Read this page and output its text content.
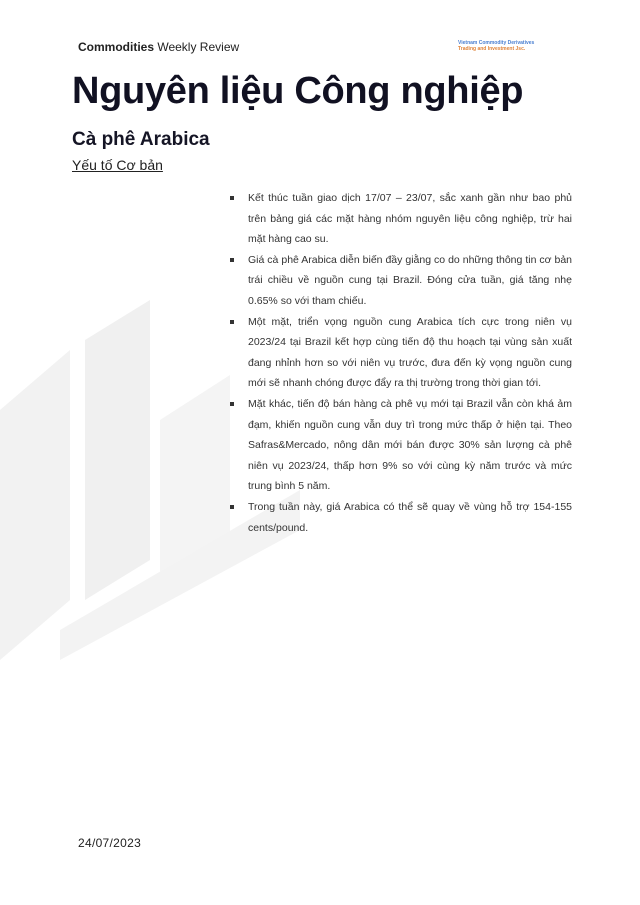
Commodities Weekly Review	Vietnam Commodity Derivatives
Trading and Investment Jsc.
Nguyên liệu Công nghiệp
Cà phê Arabica
Yếu tố Cơ bản
Kết thúc tuần giao dịch 17/07 – 23/07, sắc xanh gần như bao phủ trên bảng giá các mặt hàng nhóm nguyên liệu công nghiệp, trừ hai mặt hàng cao su.
Giá cà phê Arabica diễn biến đầy giằng co do những thông tin cơ bản trái chiều về nguồn cung tại Brazil. Đóng cửa tuần, giá tăng nhẹ 0.65% so với tham chiếu.
Một mặt, triển vọng nguồn cung Arabica tích cực trong niên vụ 2023/24 tại Brazil kết hợp cùng tiến độ thu hoạch tại vùng sản xuất đang nhỉnh hơn so với niên vụ trước, đưa đến kỳ vọng nguồn cung mới sẽ nhanh chóng được đẩy ra thị trường trong thời gian tới.
Mặt khác, tiến độ bán hàng cà phê vụ mới tại Brazil vẫn còn khá ảm đạm, khiến nguồn cung vẫn duy trì trong mức thấp ở hiện tại. Theo Safras&Mercado, nông dân mới bán được 30% sản lượng cà phê niên vụ 2023/24, thấp hơn 9% so với cùng kỳ năm trước và mức trung bình 5 năm.
Trong tuần này, giá Arabica có thể sẽ quay về vùng hỗ trợ 154-155 cents/pound.
24/07/2023
